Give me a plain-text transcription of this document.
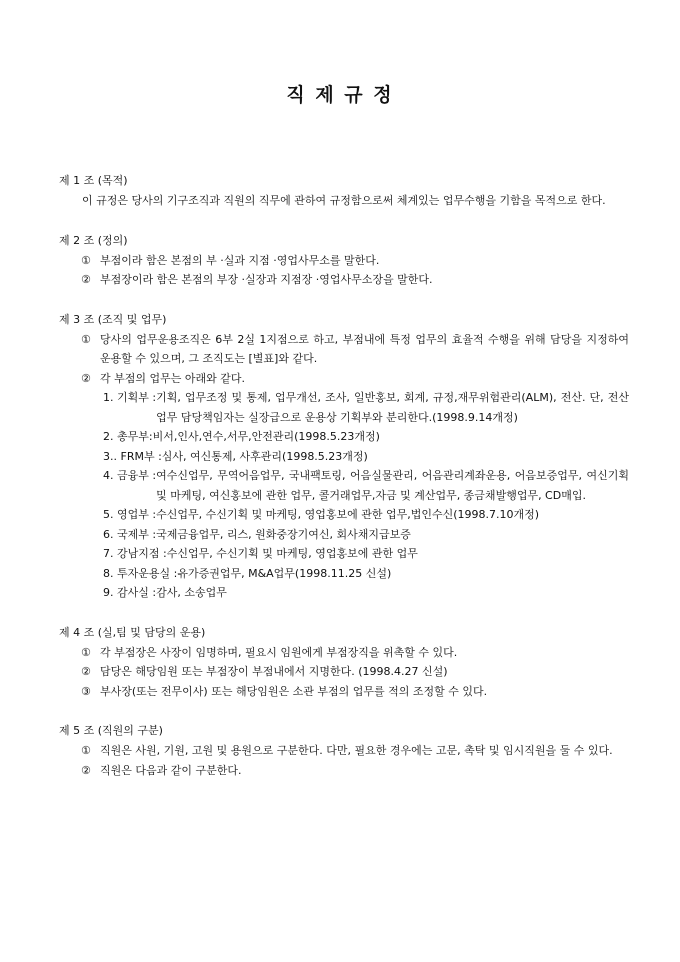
직 제 규 정
제 1 조 (목적)
이 규정은 당사의 기구조직과 직원의 직무에 관하여 규정함으로써 체계있는 업무수행을 기함을 목적으로 한다.
제 2 조 (정의)
① 부점이라 함은 본점의 부 ·실과 지점 ·영업사무소를 말한다.
② 부점장이라 함은 본점의 부장 ·실장과 지점장 ·영업사무소장을 말한다.
제 3 조 (조직 및 업무)
① 당사의 업무운용조직은 6부 2실 1지점으로 하고, 부점내에 특정 업무의 효율적 수행을 위해 담당을 지정하여 운용할 수 있으며, 그 조직도는 [별표]와 같다.
② 각 부점의 업무는 아래와 같다.
1. 기획부 : 기획, 업무조정 및 통제, 업무개선, 조사, 일반홍보, 회계, 규정,재무위험관리(ALM), 전산. 단, 전산업무 담당책임자는 실장급으로 운용상 기획부와 분리한다.(1998.9.14개정)
2. 총무부: 비서,인사,연수,서무,안전관리(1998.5.23개정)
3.. FRM부 : 심사, 여신통제, 사후관리(1998.5.23개정)
4. 금융부 : 여수신업무, 무역어음업무, 국내팩토링, 어음실물관리, 어음관리계좌운용, 어음보증업무, 여신기획 및 마케팅, 여신홍보에 관한 업무, 콜거래업무,자금 및 계산업무, 종금채발행업무, CD매입.
5. 영업부 : 수신업무, 수신기획 및 마케팅, 영업홍보에 관한 업무,법인수신(1998.7.10개정)
6. 국제부 : 국제금융업무, 리스, 원화중장기여신, 회사채지급보증
7. 강남지점 : 수신업무, 수신기획 및 마케팅, 영업홍보에 관한 업무
8. 투자운용실 : 유가증권업무, M&A업무(1998.11.25 신설)
9. 감사실 : 감사, 소송업무
제 4 조 (실,팀 및 담당의 운용)
① 각 부점장은 사장이 임명하며, 필요시 임원에게 부점장직을 위촉할 수 있다.
② 담당은 해당임원 또는 부점장이 부점내에서 지명한다. (1998.4.27 신설)
③ 부사장(또는 전무이사) 또는 해당임원은 소관 부점의 업무를 적의 조정할 수 있다.
제 5 조 (직원의 구분)
① 직원은 사원, 기원, 고원 및 용원으로 구분한다. 다만, 필요한 경우에는 고문, 촉탁 및 임시직원을 둘 수 있다.
② 직원은 다음과 같이 구분한다.
